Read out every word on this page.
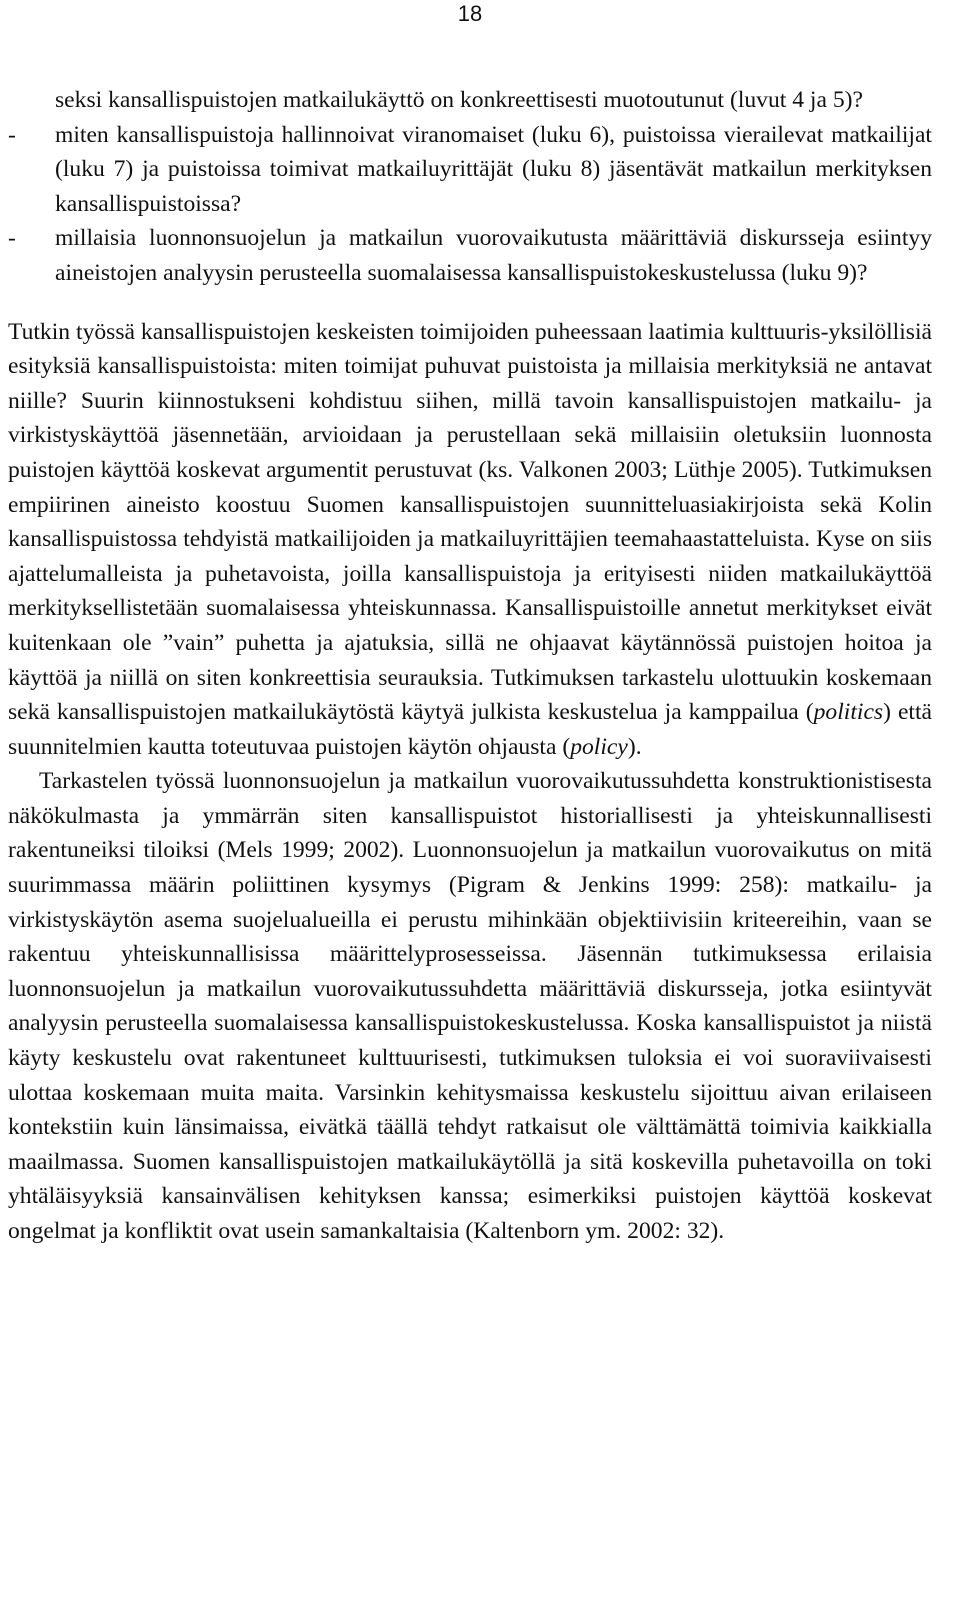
18
seksi kansallispuistojen matkailukäyttö on konkreettisesti muotoutunut (luvut 4 ja 5)?
- miten kansallispuistoja hallinnoivat viranomaiset (luku 6), puistoissa vierailevat matkailijat (luku 7) ja puistoissa toimivat matkailuyrittäjät (luku 8) jäsentävät matkailun merkityksen kansallispuistoissa?
- millaisia luonnonsuojelun ja matkailun vuorovaikutusta määrittäviä diskursseja esiintyy aineistojen analyysin perusteella suomalaisessa kansallispuistokeskustelussa (luku 9)?

Tutkin työssä kansallispuistojen keskeisten toimijoiden puheessaan laatimia kulttuuris-yksilöllisiä esityksiä kansallispuistoista: miten toimijat puhuvat puistoista ja millaisia merkityksiä ne antavat niille? Suurin kiinnostukseni kohdistuu siihen, millä tavoin kansallispuistojen matkailu- ja virkistyskäyttöä jäsennetään, arvioidaan ja perustellaan sekä millaisiin oletuksiin luonnosta puistojen käyttöä koskevat argumentit perustuvat (ks. Valkonen 2003; Lüthje 2005). Tutkimuksen empiirinen aineisto koostuu Suomen kansallispuistojen suunnitteluasiakirjoista sekä Kolin kansallispuistossa tehdyistä matkailijoiden ja matkailuyrittäjien teemahaastatteluista. Kyse on siis ajattelumalleista ja puhetavoista, joilla kansallispuistoja ja erityisesti niiden matkailukäyttöä merkityksellistetään suomalaisessa yhteiskunnassa. Kansallispuistoille annetut merkitykset eivät kuitenkaan ole ”vain” puhetta ja ajatuksia, sillä ne ohjaavat käytännössä puistojen hoitoa ja käyttöä ja niillä on siten konkreettisia seurauksia. Tutkimuksen tarkastelu ulottuukin koskemaan sekä kansallispuistojen matkailukäytöstä käytyä julkista keskustelua ja kamppailua (politics) että suunnitelmien kautta toteutuvaa puistojen käytön ohjausta (policy).

Tarkastelen työssä luonnonsuojelun ja matkailun vuorovaikutussuhdetta konstruktionistisesta näkökulmasta ja ymmärrän siten kansallispuistot historiallisesti ja yhteiskunnallisesti rakentuneiksi tiloiksi (Mels 1999; 2002). Luonnonsuojelun ja matkailun vuorovaikutus on mitä suurimmassa määrin poliittinen kysymys (Pigram & Jenkins 1999: 258): matkailu- ja virkistyskäytön asema suojelualueilla ei perustu mihinkään objektiivisiin kriteereihin, vaan se rakentuu yhteiskunnallisissa määrittelyprosesseissa. Jäsennän tutkimuksessa erilaisia luonnonsuojelun ja matkailun vuorovaikutussuhdetta määrittäviä diskursseja, jotka esiintyvät analyysin perusteella suomalaisessa kansallispuistokeskustelussa. Koska kansallispuistot ja niistä käyty keskustelu ovat rakentuneet kulttuurisesti, tutkimuksen tuloksia ei voi suoraviivaisesti ulottaa koskemaan muita maita. Varsinkin kehitysmaissa keskustelu sijoittuu aivan erilaiseen kontekstiin kuin länsimaissa, eivätkä täällä tehdyt ratkaisut ole välttämättä toimivia kaikkialla maailmassa. Suomen kansallispuistojen matkailukäytöllä ja sitä koskevilla puhetavoilla on toki yhtäläisyyksiä kansainvälisen kehityksen kanssa; esimerkiksi puistojen käyttöä koskevat ongelmat ja konfliktit ovat usein samankaltaisia (Kaltenborn ym. 2002: 32).
